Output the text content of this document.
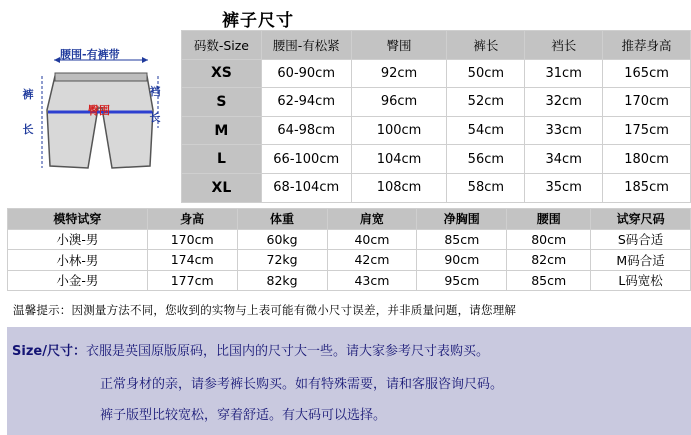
裤子尺寸
腰围-有裤带
裤
长
臀围
裆
长
码数-Size	腰围-有松紧	臀围	裤长	裆长	推荐身高
XS	60-90cm	92cm	50cm	31cm	165cm
S	62-94cm	96cm	52cm	32cm	170cm
M	64-98cm	100cm	54cm	33cm	175cm
L	66-100cm	104cm	56cm	34cm	180cm
XL	68-104cm	108cm	58cm	35cm	185cm
模特试穿	身高	体重	肩宽	净胸围	腰围	试穿尺码
小澳-男	170cm	60kg	40cm	85cm	80cm	S码合适
小林-男	174cm	72kg	42cm	90cm	82cm	M码合适
小金-男	177cm	82kg	43cm	95cm	85cm	L码宽松
温馨提示：因测量方法不同，您收到的实物与上表可能有微小尺寸误差，并非质量问题，请您理解
Size/尺寸：衣服是英国原版原码，比国内的尺寸大一些。请大家参考尺寸表购买。
正常身材的亲，请参考裤长购买。如有特殊需要，请和客服咨询尺码。
裤子版型比较宽松，穿着舒适。有大码可以选择。
